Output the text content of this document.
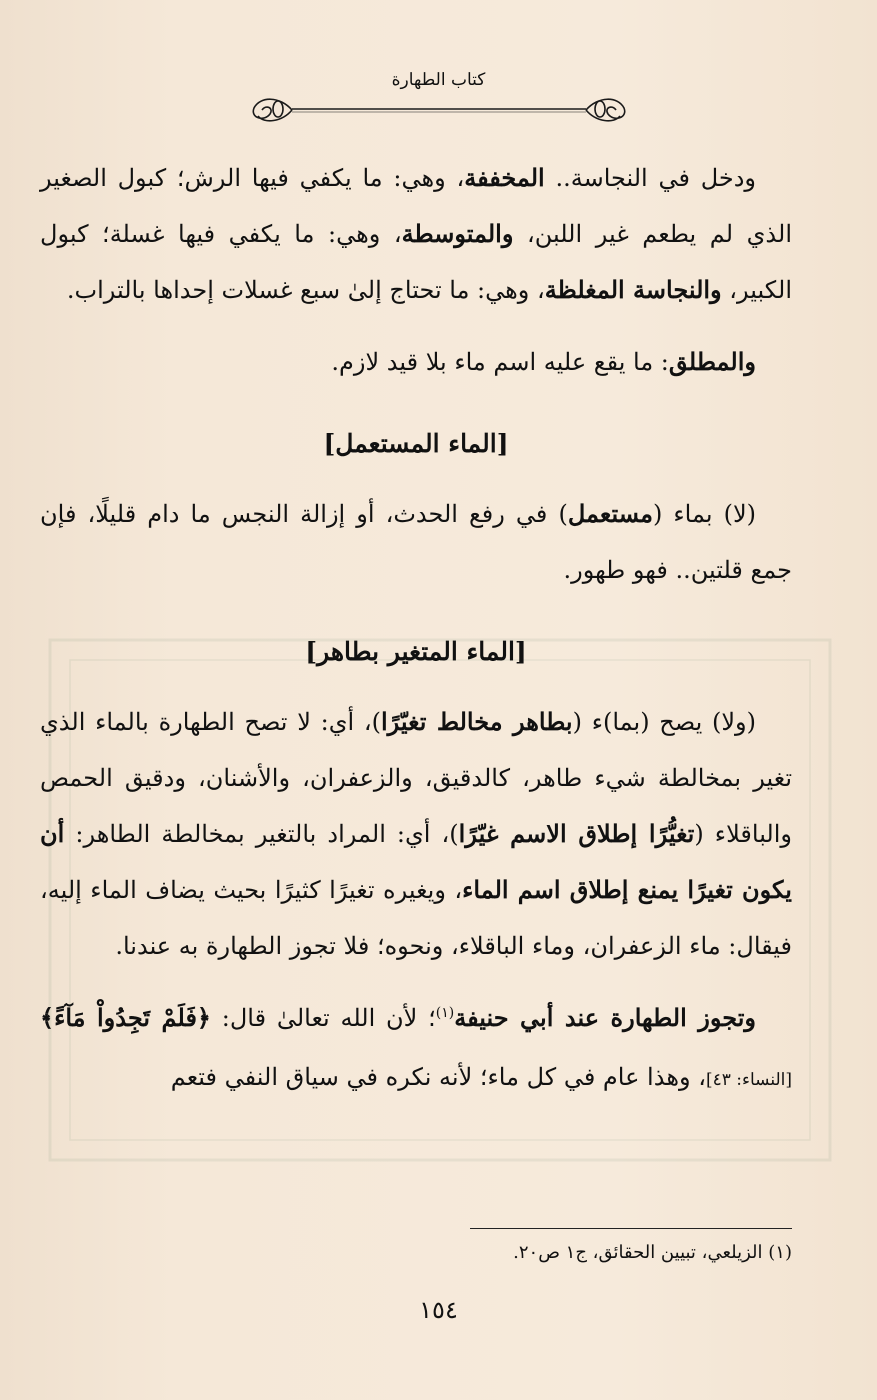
كتاب الطهارة

ودخل في النجاسة.. المخففة، وهي: ما يكفي فيها الرش؛ كبول الصغير الذي لم يطعم غير اللبن، والمتوسطة، وهي: ما يكفي فيها غسلة؛ كبول الكبير، والنجاسة المغلظة، وهي: ما تحتاج إلىٰ سبع غسلات إحداها بالتراب.

والمطلق: ما يقع عليه اسم ماء بلا قيد لازم.

[الماء المستعمل]

(لا) بماء (مستعمل) في رفع الحدث، أو إزالة النجس ما دام قليلًا، فإن جمع قلتين.. فهو طهور.

[الماء المتغير بطاهر]

(ولا) يصح (بما)ء (بطاهر مخالط تغيّرًا)، أي: لا تصح الطهارة بالماء الذي تغير بمخالطة شيء طاهر، كالدقيق، والزعفران، والأشنان، ودقيق الحمص والباقلاء (تغيُّرًا إطلاق الاسم غيّرًا)، أي: المراد بالتغير بمخالطة الطاهر: أن يكون تغيرًا يمنع إطلاق اسم الماء، ويغيره تغيرًا كثيرًا بحيث يضاف الماء إليه، فيقال: ماء الزعفران، وماء الباقلاء، ونحوه؛ فلا تجوز الطهارة به عندنا.

وتجوز الطهارة عند أبي حنيفة$^{(١)}$؛ لأن الله تعالىٰ قال: ﴿فَلَمْ تَجِدُواْ مَآءً﴾ [النساء: ٤٣]، وهذا عام في كل ماء؛ لأنه نكره في سياق النفي فتعم

(١) الزيلعي، تبيين الحقائق، ج١ ص٢٠.
١٥٤
